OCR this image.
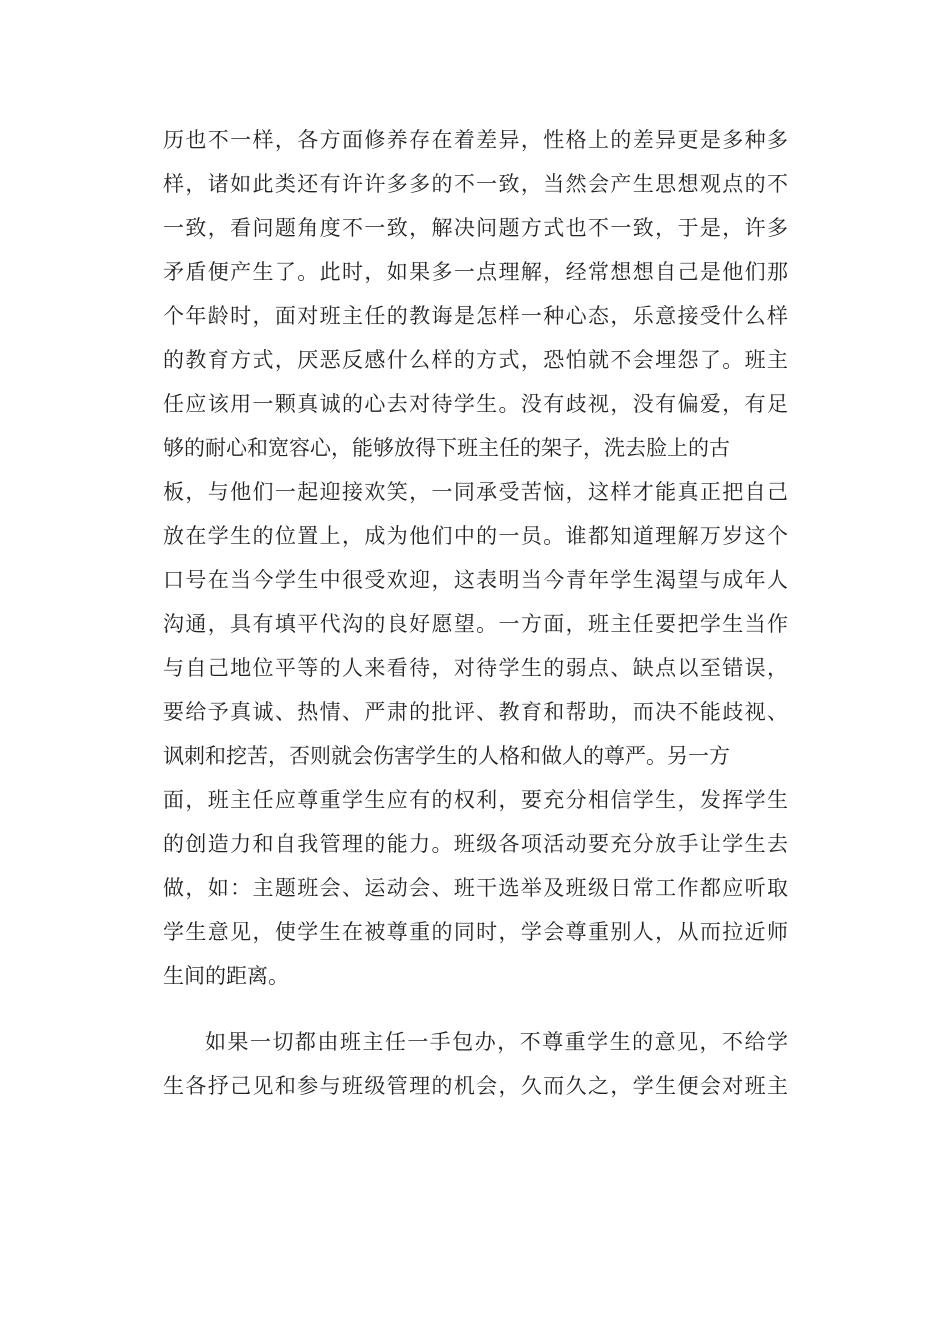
历也不一样，各方面修养存在着差异，性格上的差异更是多种多
样，诸如此类还有许许多多的不一致，当然会产生思想观点的不
一致，看问题角度不一致，解决问题方式也不一致，于是，许多
矛盾便产生了。此时，如果多一点理解，经常想想自己是他们那
个年龄时，面对班主任的教诲是怎样一种心态，乐意接受什么样
的教育方式，厌恶反感什么样的方式，恐怕就不会埋怨了。班主
任应该用一颗真诚的心去对待学生。没有歧视，没有偏爱，有足
够的耐心和宽容心，能够放得下班主任的架子，洗去脸上的古
板，与他们一起迎接欢笑，一同承受苦恼，这样才能真正把自己
放在学生的位置上，成为他们中的一员。谁都知道理解万岁这个
口号在当今学生中很受欢迎，这表明当今青年学生渴望与成年人
沟通，具有填平代沟的良好愿望。一方面，班主任要把学生当作
与自己地位平等的人来看待，对待学生的弱点、缺点以至错误，
要给予真诚、热情、严肃的批评、教育和帮助，而决不能歧视、
讽刺和挖苦，否则就会伤害学生的人格和做人的尊严。另一方
面，班主任应尊重学生应有的权利，要充分相信学生，发挥学生
的创造力和自我管理的能力。班级各项活动要充分放手让学生去
做，如：主题班会、运动会、班干选举及班级日常工作都应听取
学生意见，使学生在被尊重的同时，学会尊重别人，从而拉近师
生间的距离。
如果一切都由班主任一手包办，不尊重学生的意见，不给学
生各抒己见和参与班级管理的机会，久而久之，学生便会对班主
